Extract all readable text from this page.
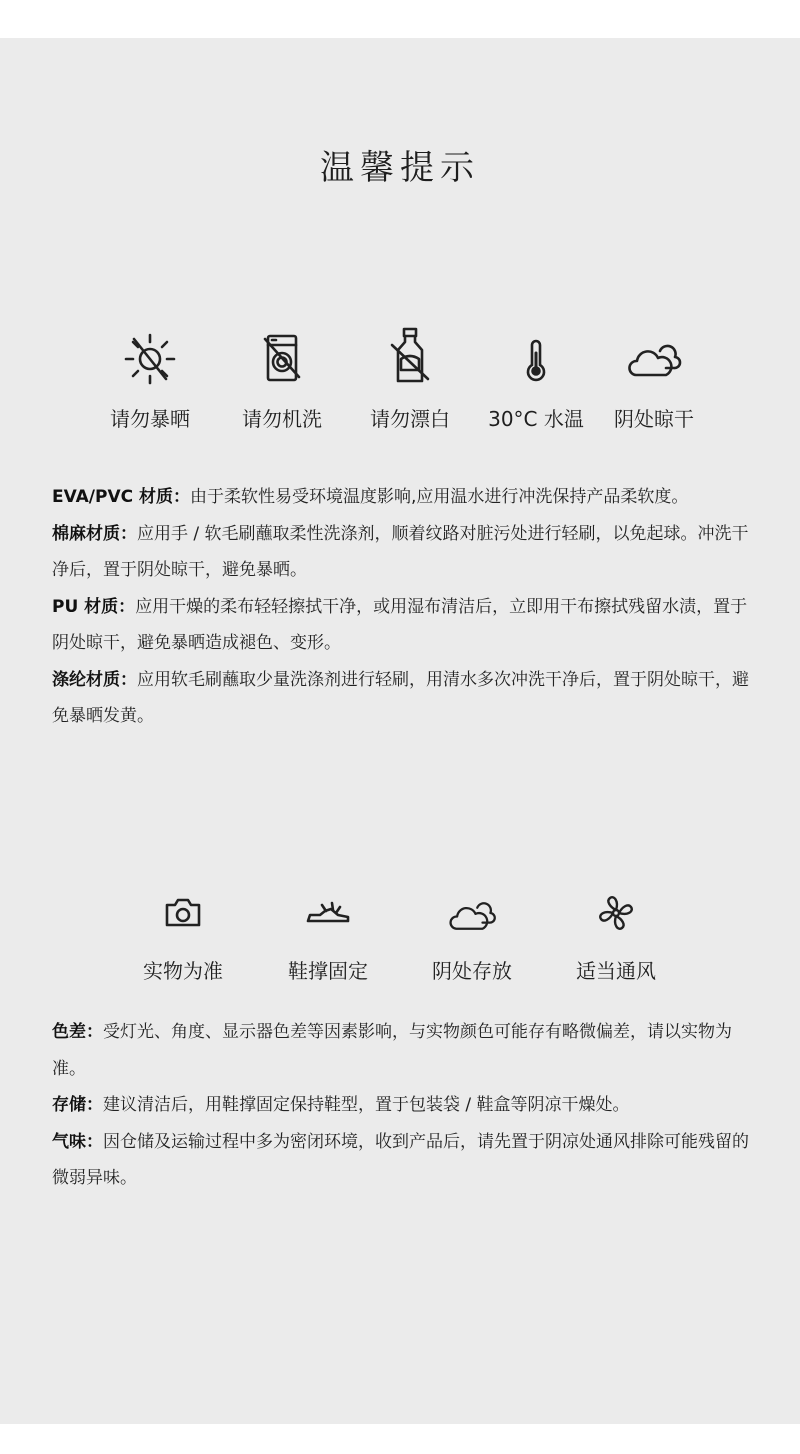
温馨提示
请勿暴晒	请勿机洗	请勿漂白	30°C 水温	阴处晾干

EVA/PVC 材质：由于柔软性易受环境温度影响,应用温水进行冲洗保持产品柔软度。

棉麻材质：应用手 / 软毛刷蘸取柔性洗涤剂，顺着纹路对脏污处进行轻刷，以免起球。冲洗干净后，置于阴处晾干，避免暴晒。

PU 材质：应用干燥的柔布轻轻擦拭干净，或用湿布清洁后，立即用干布擦拭残留水渍，置于阴处晾干，避免暴晒造成褪色、变形。

涤纶材质：应用软毛刷蘸取少量洗涤剂进行轻刷，用清水多次冲洗干净后，置于阴处晾干，避免暴晒发黄。

实物为准	鞋撑固定	阴处存放	适当通风

色差：受灯光、角度、显示器色差等因素影响，与实物颜色可能存有略微偏差，请以实物为准。

存储：建议清洁后，用鞋撑固定保持鞋型，置于包装袋 / 鞋盒等阴凉干燥处。

气味：因仓储及运输过程中多为密闭环境，收到产品后，请先置于阴凉处通风排除可能残留的微弱异味。
